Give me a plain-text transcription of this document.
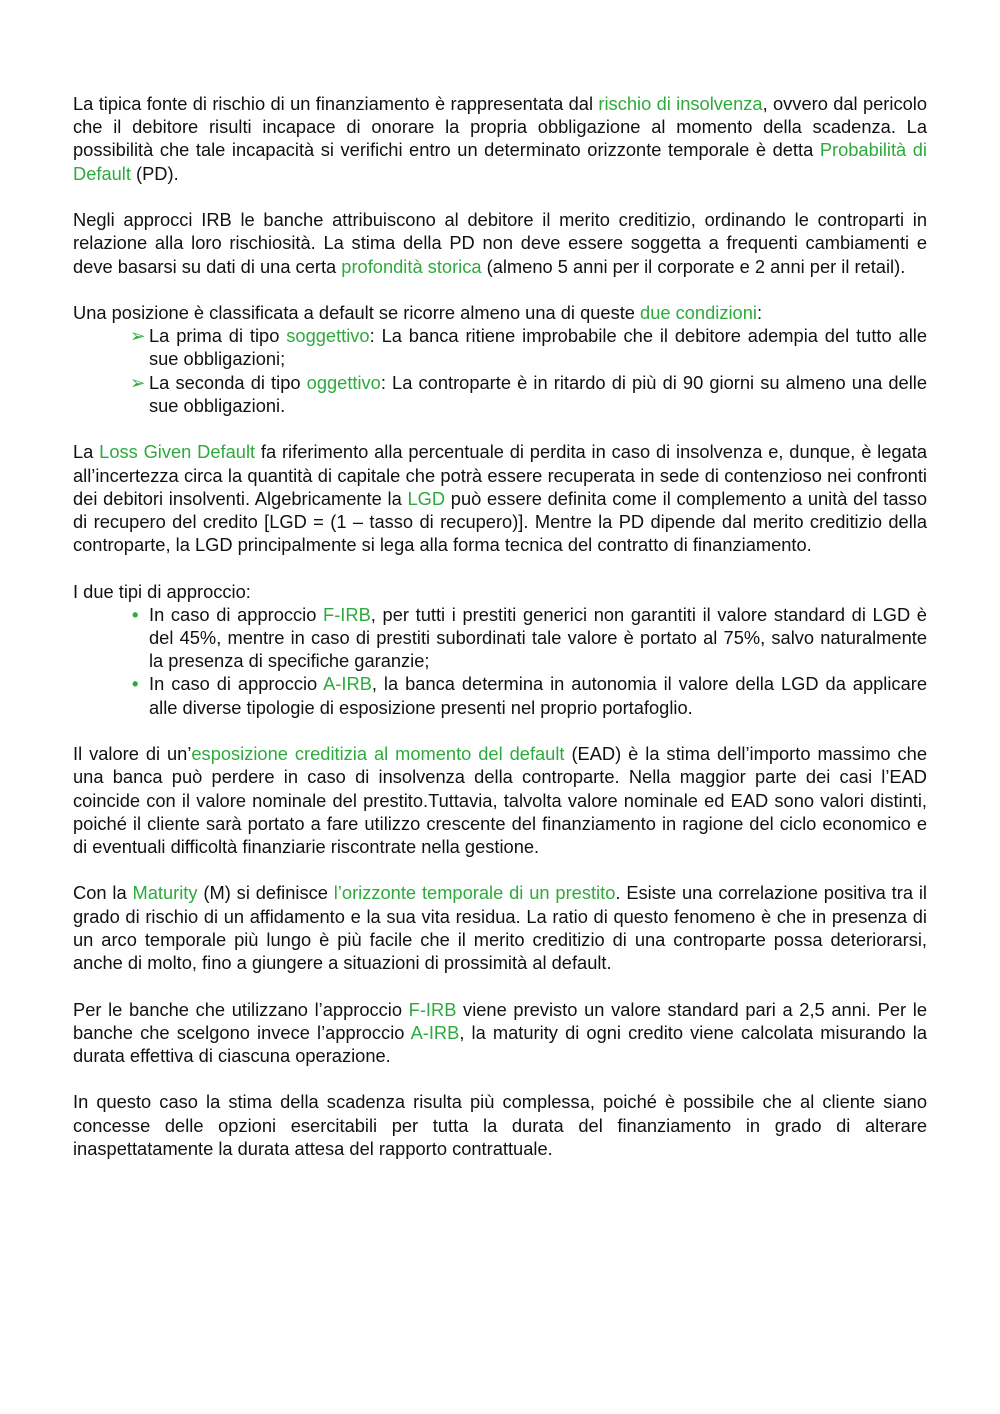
La tipica fonte di rischio di un finanziamento è rappresentata dal rischio di insolvenza, ovvero dal pericolo che il debitore risulti incapace di onorare la propria obbligazione al momento della scadenza. La possibilità che tale incapacità si verifichi entro un determinato orizzonte temporale è detta Probabilità di Default (PD).

Negli approcci IRB le banche attribuiscono al debitore il merito creditizio, ordinando le controparti in relazione alla loro rischiosità. La stima della PD non deve essere soggetta a frequenti cambiamenti e deve basarsi su dati di una certa profondità storica (almeno 5 anni per il corporate e 2 anni per il retail).

Una posizione è classificata a default se ricorre almeno una di queste due condizioni:

➢ La prima di tipo soggettivo: La banca ritiene improbabile che il debitore adempia del tutto alle sue obbligazioni;
➢ La seconda di tipo oggettivo: La controparte è in ritardo di più di 90 giorni su almeno una delle sue obbligazioni.

La Loss Given Default fa riferimento alla percentuale di perdita in caso di insolvenza e, dunque, è legata all’incertezza circa la quantità di capitale che potrà essere recuperata in sede di contenzioso nei confronti dei debitori insolventi. Algebricamente la LGD può essere definita come il complemento a unità del tasso di recupero del credito [LGD = (1 – tasso di recupero)]. Mentre la PD dipende dal merito creditizio della controparte, la LGD principalmente si lega alla forma tecnica del contratto di finanziamento.

I due tipi di approccio:

• In caso di approccio F-IRB, per tutti i prestiti generici non garantiti il valore standard di LGD è del 45%, mentre in caso di prestiti subordinati tale valore è portato al 75%, salvo naturalmente la presenza di specifiche garanzie;
• In caso di approccio A-IRB, la banca determina in autonomia il valore della LGD da applicare alle diverse tipologie di esposizione presenti nel proprio portafoglio.

Il valore di un’esposizione creditizia al momento del default (EAD) è la stima dell’importo massimo che una banca può perdere in caso di insolvenza della controparte. Nella maggior parte dei casi l’EAD coincide con il valore nominale del prestito.Tuttavia, talvolta valore nominale ed EAD sono valori distinti, poiché il cliente sarà portato a fare utilizzo crescente del finanziamento in ragione del ciclo economico e di eventuali difficoltà finanziarie riscontrate nella gestione.

Con la Maturity (M) si definisce l’orizzonte temporale di un prestito. Esiste una correlazione positiva tra il grado di rischio di un affidamento e la sua vita residua. La ratio di questo fenomeno è che in presenza di un arco temporale più lungo è più facile che il merito creditizio di una controparte possa deteriorarsi, anche di molto, fino a giungere a situazioni di prossimità al default.

Per le banche che utilizzano l’approccio F-IRB viene previsto un valore standard pari a 2,5 anni. Per le banche che scelgono invece l’approccio A-IRB, la maturity di ogni credito viene calcolata misurando la durata effettiva di ciascuna operazione.

In questo caso la stima della scadenza risulta più complessa, poiché è possibile che al cliente siano concesse delle opzioni esercitabili per tutta la durata del finanziamento in grado di alterare inaspettatamente la durata attesa del rapporto contrattuale.
